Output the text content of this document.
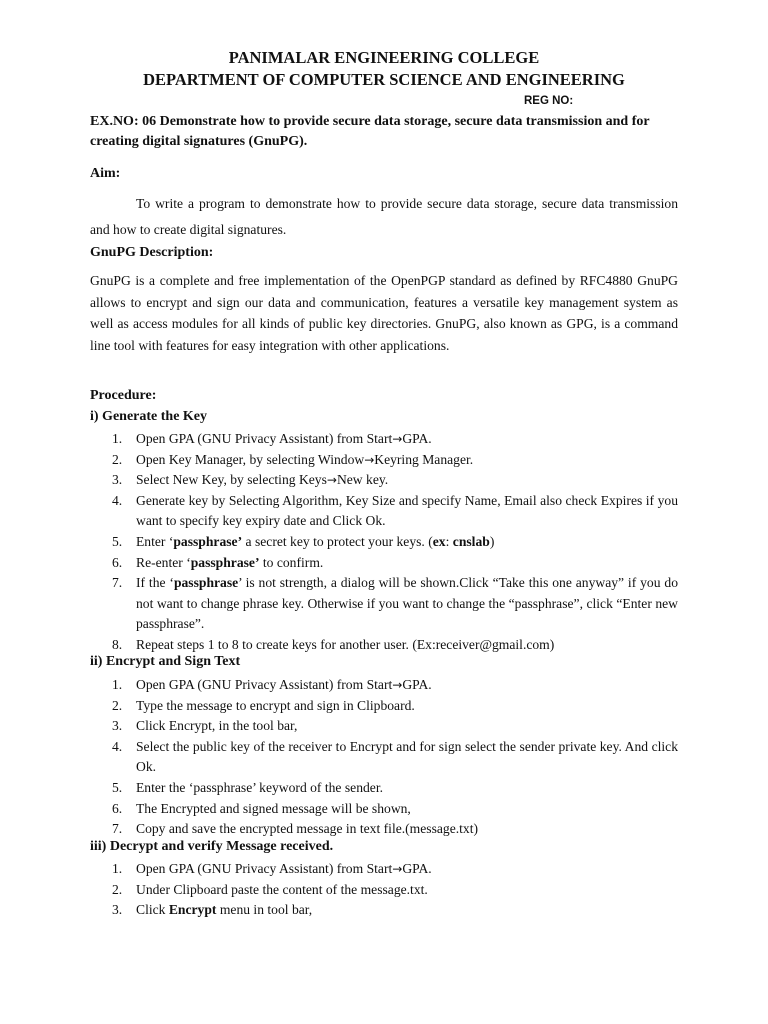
PANIMALAR ENGINEERING COLLEGE
DEPARTMENT OF COMPUTER SCIENCE AND ENGINEERING
REG NO:
EX.NO: 06 Demonstrate how to provide secure data storage, secure data transmission and for creating digital signatures (GnuPG).
Aim:
To write a program to demonstrate how to provide secure data storage, secure data transmission and how to create digital signatures.
GnuPG Description:
GnuPG is a complete and free implementation of the OpenPGP standard as defined by RFC4880 GnuPG allows to encrypt and sign our data and communication, features a versatile key management system as well as access modules for all kinds of public key directories. GnuPG, also known as GPG, is a command line tool with features for easy integration with other applications.
Procedure:
i) Generate the Key
1. Open GPA (GNU Privacy Assistant) from Start→GPA.
2. Open Key Manager, by selecting Window→Keyring Manager.
3. Select New Key, by selecting Keys→New key.
4. Generate key by Selecting Algorithm, Key Size and specify Name, Email also check Expires if you want to specify key expiry date and Click Ok.
5. Enter ‘passphrase’ a secret key to protect your keys. (ex: cnslab)
6. Re-enter ‘passphrase’ to confirm.
7. If the ‘passphrase’ is not strength, a dialog will be shown.Click “Take this one anyway” if you do not want to change phrase key. Otherwise if you want to change the “passphrase”, click “Enter new passphrase”.
8. Repeat steps 1 to 8 to create keys for another user. (Ex:receiver@gmail.com)
ii) Encrypt and Sign Text
1. Open GPA (GNU Privacy Assistant) from Start→GPA.
2. Type the message to encrypt and sign in Clipboard.
3. Click Encrypt, in the tool bar,
4. Select the public key of the receiver to Encrypt and for sign select the sender private key. And click Ok.
5. Enter the ‘passphrase’ keyword of the sender.
6. The Encrypted and signed message will be shown,
7. Copy and save the encrypted message in text file.(message.txt)
iii) Decrypt and verify Message received.
1. Open GPA (GNU Privacy Assistant) from Start→GPA.
2. Under Clipboard paste the content of the message.txt.
3. Click Encrypt menu in tool bar,
